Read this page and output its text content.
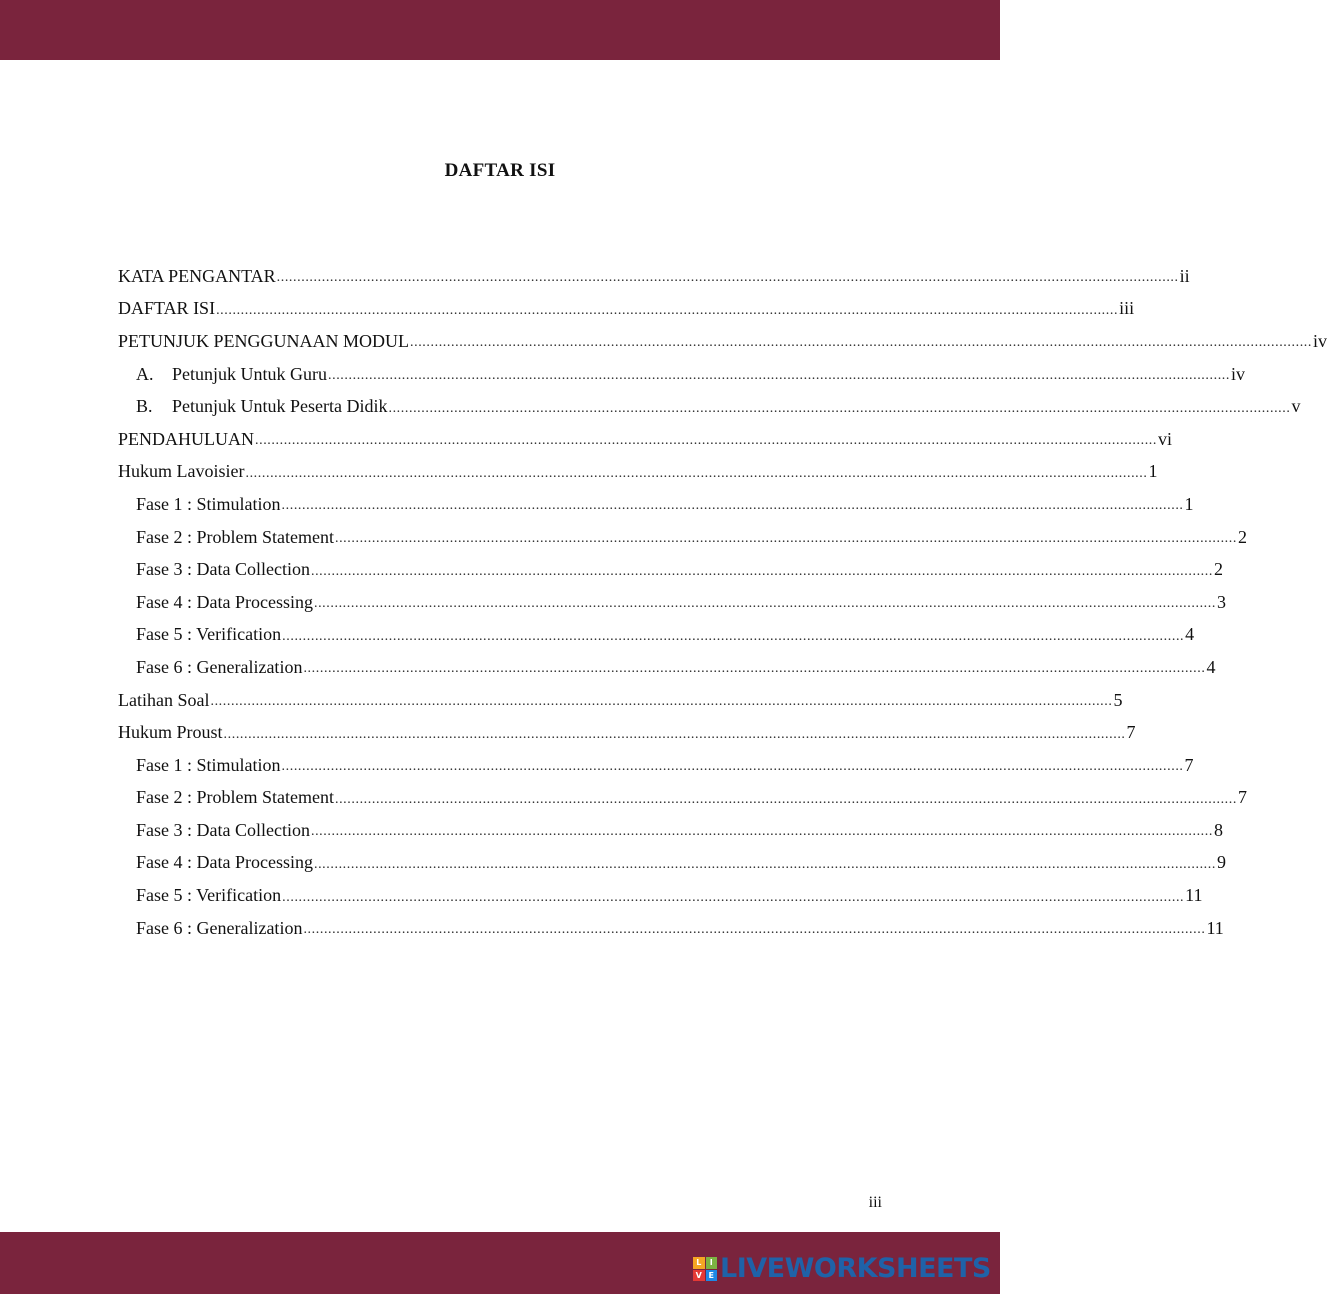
DAFTAR ISI
KATA PENGANTAR ............................................................................................................................................................................................................................ ii
DAFTAR ISI ............................................................................................................................................................................................................................ iii
PETUNJUK PENGGUNAAN MODUL ............................................................................................................................................................................................................................ iv
A. Petunjuk Untuk Guru ............................................................................................................................................................................................................................ iv
B. Petunjuk Untuk Peserta Didik ............................................................................................................................................................................................................................ v
PENDAHULUAN ............................................................................................................................................................................................................................ vi
Hukum Lavoisier ............................................................................................................................................................................................................................ 1
Fase 1 : Stimulation ............................................................................................................................................................................................................................ 1
Fase 2 : Problem Statement ............................................................................................................................................................................................................................ 2
Fase 3 : Data Collection ............................................................................................................................................................................................................................ 2
Fase 4 : Data Processing ............................................................................................................................................................................................................................ 3
Fase 5 : Verification ............................................................................................................................................................................................................................ 4
Fase 6 : Generalization ............................................................................................................................................................................................................................ 4
Latihan Soal ............................................................................................................................................................................................................................ 5
Hukum Proust ............................................................................................................................................................................................................................ 7
Fase 1 : Stimulation ............................................................................................................................................................................................................................ 7
Fase 2 : Problem Statement ............................................................................................................................................................................................................................ 7
Fase 3 : Data Collection ............................................................................................................................................................................................................................ 8
Fase 4 : Data Processing ............................................................................................................................................................................................................................ 9
Fase 5 : Verification ............................................................................................................................................................................................................................ 11
Fase 6 : Generalization ............................................................................................................................................................................................................................ 11
iii
L	I
V E LIVEWORKSHEETS
